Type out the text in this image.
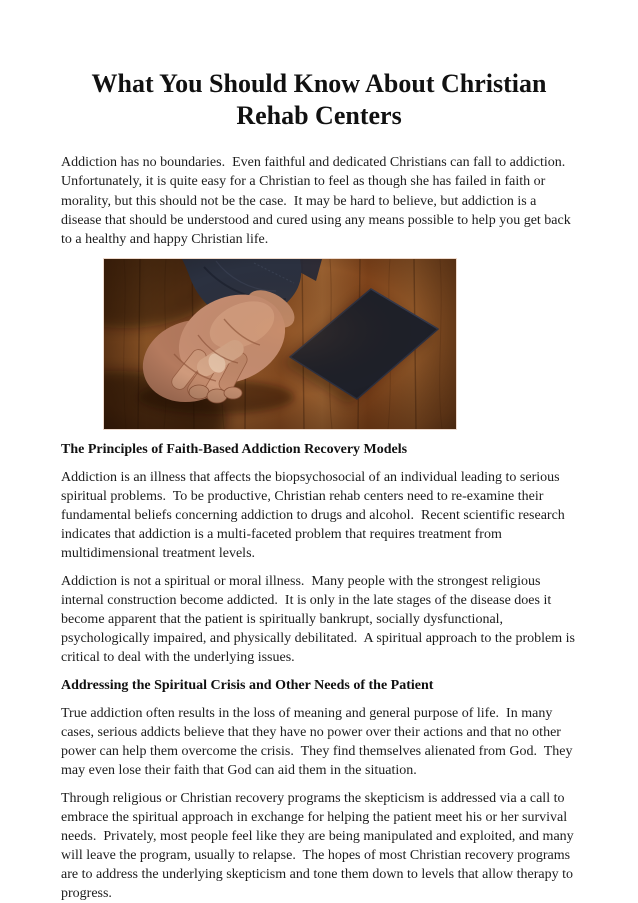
What You Should Know About Christian Rehab Centers

Addiction has no boundaries.  Even faithful and dedicated Christians can fall to addiction.  Unfortunately, it is quite easy for a Christian to feel as though she has failed in faith or morality, but this should not be the case.  It may be hard to believe, but addiction is a disease that should be understood and cured using any means possible to help you get back to a healthy and happy Christian life.

The Principles of Faith-Based Addiction Recovery Models

Addiction is an illness that affects the biopsychosocial of an individual leading to serious spiritual problems.  To be productive, Christian rehab centers need to re-examine their fundamental beliefs concerning addiction to drugs and alcohol.  Recent scientific research indicates that addiction is a multi-faceted problem that requires treatment from multidimensional treatment levels.

Addiction is not a spiritual or moral illness.  Many people with the strongest religious internal construction become addicted.  It is only in the late stages of the disease does it become apparent that the patient is spiritually bankrupt, socially dysfunctional, psychologically impaired, and physically debilitated.  A spiritual approach to the problem is critical to deal with the underlying issues.

Addressing the Spiritual Crisis and Other Needs of the Patient

True addiction often results in the loss of meaning and general purpose of life.  In many cases, serious addicts believe that they have no power over their actions and that no other power can help them overcome the crisis.  They find themselves alienated from God.  They may even lose their faith that God can aid them in the situation.

Through religious or Christian recovery programs the skepticism is addressed via a call to embrace the spiritual approach in exchange for helping the patient meet his or her survival needs.  Privately, most people feel like they are being manipulated and exploited, and many will leave the program, usually to relapse.  The hopes of most Christian recovery programs are to address the underlying skepticism and tone them down to levels that allow therapy to progress.
